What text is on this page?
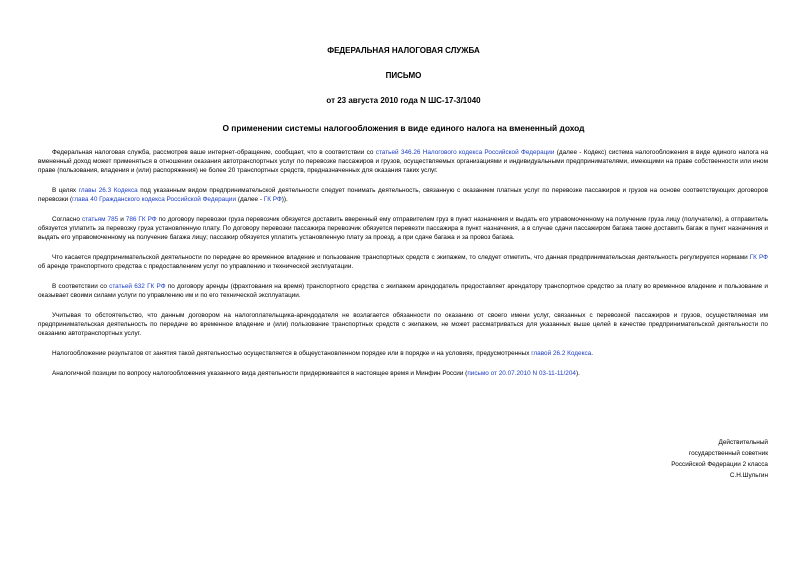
ФЕДЕРАЛЬНАЯ НАЛОГОВАЯ СЛУЖБА
ПИСЬМО
от 23 августа 2010 года N ШС-17-3/1040
О применении системы налогообложения в виде единого налога на вмененный доход

Федеральная налоговая служба, рассмотрев ваше интернет-обращение, сообщает, что в соответствии со статьей 346.26 Налогового кодекса Российской Федерации (далее - Кодекс) система налогообложения в виде единого налога на вмененный доход может применяться в отношении оказания автотранспортных услуг по перевозке пассажиров и грузов, осуществляемых организациями и индивидуальными предпринимателями, имеющими на праве собственности или ином праве (пользования, владения и (или) распоряжения) не более 20 транспортных средств, предназначенных для оказания таких услуг.

В целях главы 26.3 Кодекса под указанным видом предпринимательской деятельности следует понимать деятельность, связанную с оказанием платных услуг по перевозке пассажиров и грузов на основе соответствующих договоров перевозки (глава 40 Гражданского кодекса Российской Федерации (далее - ГК РФ)).

Согласно статьям 785 и 786 ГК РФ по договору перевозки груза перевозчик обязуется доставить вверенный ему отправителем груз в пункт назначения и выдать его управомоченному на получение груза лицу (получателю), а отправитель обязуется уплатить за перевозку груза установленную плату. По договору перевозки пассажира перевозчик обязуется перевезти пассажира в пункт назначения, а в случае сдачи пассажиром багажа также доставить багаж в пункт назначения и выдать его управомоченному на получение багажа лицу; пассажир обязуется уплатить установленную плату за проезд, а при сдаче багажа и за провоз багажа.

Что касается предпринимательской деятельности по передаче во временное владение и пользование транспортных средств с экипажем, то следует отметить, что данная предпринимательская деятельность регулируется нормами ГК РФ об аренде транспортного средства с предоставлением услуг по управлению и технической эксплуатации.

В соответствии со статьей 632 ГК РФ по договору аренды (фрахтования на время) транспортного средства с экипажем арендодатель предоставляет арендатору транспортное средство за плату во временное владение и пользование и оказывает своими силами услуги по управлению им и по его технической эксплуатации.

Учитывая то обстоятельство, что данным договором на налогоплательщика-арендодателя не возлагается обязанности по оказанию от своего имени услуг, связанных с перевозкой пассажиров и грузов, осуществляемая им предпринимательская деятельность по передаче во временное владение и (или) пользование транспортных средств с экипажем, не может рассматриваться для указанных выше целей в качестве предпринимательской деятельности по оказанию автотранспортных услуг.

Налогообложение результатов от занятия такой деятельностью осуществляется в общеустановленном порядке или в порядке и на условиях, предусмотренных главой 26.2 Кодекса.

Аналогичной позиции по вопросу налогообложения указанного вида деятельности придерживается в настоящее время и Минфин России (письмо от 20.07.2010 N 03-11-11/204).

Действительный
государственный советник
Российской Федерации 2 класса
С.Н.Шульгин
